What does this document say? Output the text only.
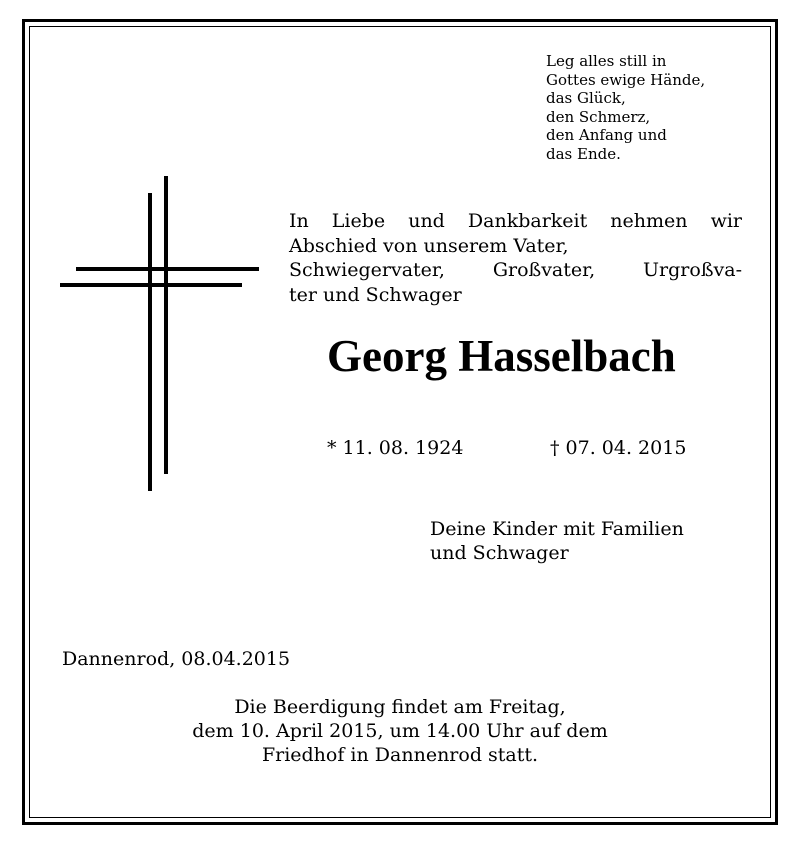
Leg alles still in
Gottes ewige Hände,
das Glück,
den Schmerz,
den Anfang und
das Ende.
In Liebe und Dankbarkeit nehmen wir
Abschied von unserem Vater,
Schwiegervater,	Großvater,	Urgroßva-
ter und Schwager
Georg Hasselbach
* 11. 08. 1924	† 07. 04. 2015
Deine Kinder mit Familien
und Schwager
Dannenrod, 08.04.2015
Die Beerdigung findet am Freitag,
dem 10. April 2015, um 14.00 Uhr auf dem
Friedhof in Dannenrod statt.
